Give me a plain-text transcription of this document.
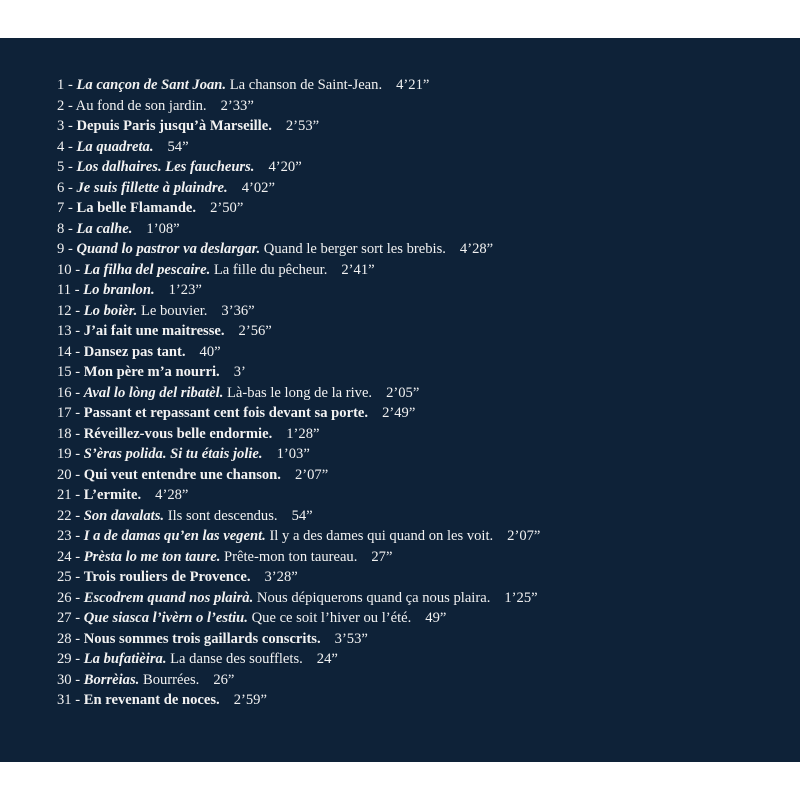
1 - La cançon de Sant Joan. La chanson de Saint-Jean. 4’21”
2 - Au fond de son jardin. 2’33”
3 - Depuis Paris jusqu’à Marseille. 2’53”
4 - La quadreta. 54”
5 - Los dalhaires. Les faucheurs. 4’20”
6 - Je suis fillette à plaindre. 4’02”
7 - La belle Flamande. 2’50”
8 - La calhe. 1’08”
9 - Quand lo pastror va deslargar. Quand le berger sort les brebis. 4’28”
10 - La filha del pescaire. La fille du pêcheur. 2’41”
11 - Lo branlon. 1’23”
12 - Lo boièr. Le bouvier. 3’36”
13 - J’ai fait une maitresse. 2’56”
14 - Dansez pas tant. 40”
15 - Mon père m’a nourri. 3’
16 - Aval lo lòng del ribatèl. Là-bas le long de la rive. 2’05”
17 - Passant et repassant cent fois devant sa porte. 2’49”
18 - Réveillez-vous belle endormie. 1’28”
19 - S’èras polida. Si tu étais jolie. 1’03”
20 - Qui veut entendre une chanson. 2’07”
21 - L’ermite. 4’28”
22 - Son davalats. Ils sont descendus. 54”
23 - I a de damas qu’en las vegent. Il y a des dames qui quand on les voit. 2’07”
24 - Prèsta lo me ton taure. Prête-mon ton taureau. 27”
25 - Trois rouliers de Provence. 3’28”
26 - Escodrem quand nos plairà. Nous dépiquerons quand ça nous plaira. 1’25”
27 - Que siasca l’ivèrn o l’estiu. Que ce soit l’hiver ou l’été. 49”
28 - Nous sommes trois gaillards conscrits. 3’53”
29 - La bufatièira. La danse des soufflets. 24”
30 - Borrèias. Bourrées. 26”
31 - En revenant de noces. 2’59”
